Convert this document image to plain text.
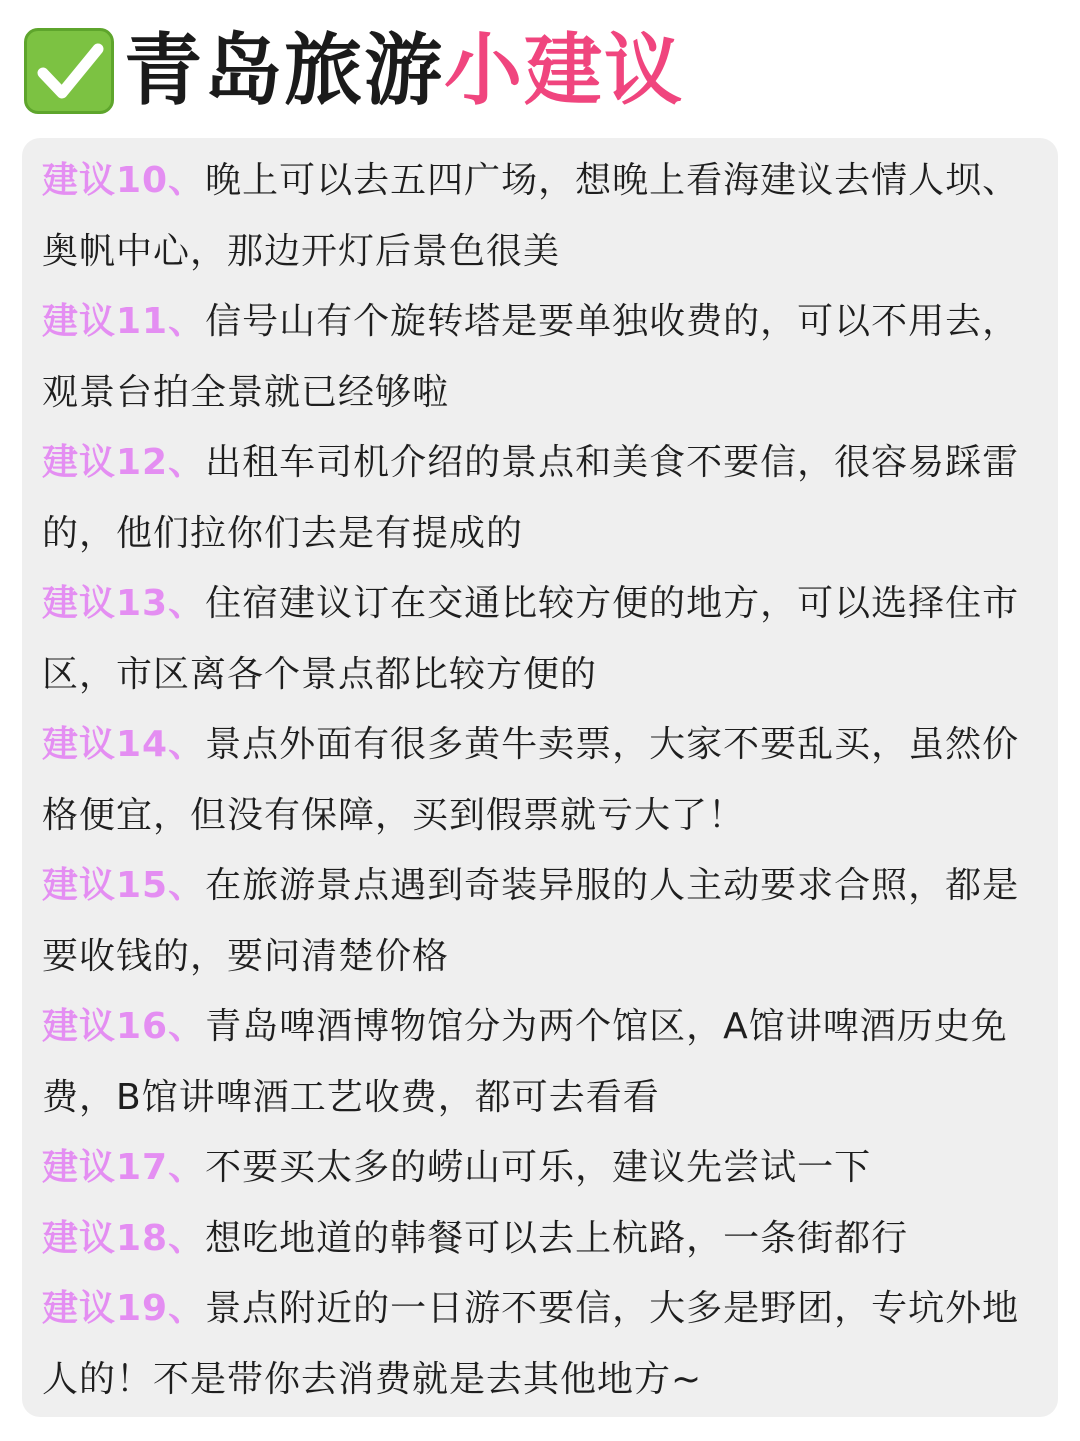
青岛旅游小建议
建议10、晚上可以去五四广场，想晚上看海建议去情人坝、奥帆中心，那边开灯后景色很美
建议11、信号山有个旋转塔是要单独收费的，可以不用去，观景台拍全景就已经够啦
建议12、出租车司机介绍的景点和美食不要信，很容易踩雷的，他们拉你们去是有提成的
建议13、住宿建议订在交通比较方便的地方，可以选择住市区，市区离各个景点都比较方便的
建议14、景点外面有很多黄牛卖票，大家不要乱买，虽然价格便宜，但没有保障，买到假票就亏大了！
建议15、在旅游景点遇到奇装异服的人主动要求合照，都是要收钱的，要问清楚价格
建议16、青岛啤酒博物馆分为两个馆区，A馆讲啤酒历史免费，B馆讲啤酒工艺收费，都可去看看
建议17、不要买太多的崂山可乐，建议先尝试一下
建议18、想吃地道的韩餐可以去上杭路，一条街都行
建议19、景点附近的一日游不要信，大多是野团，专坑外地人的！不是带你去消费就是去其他地方~
